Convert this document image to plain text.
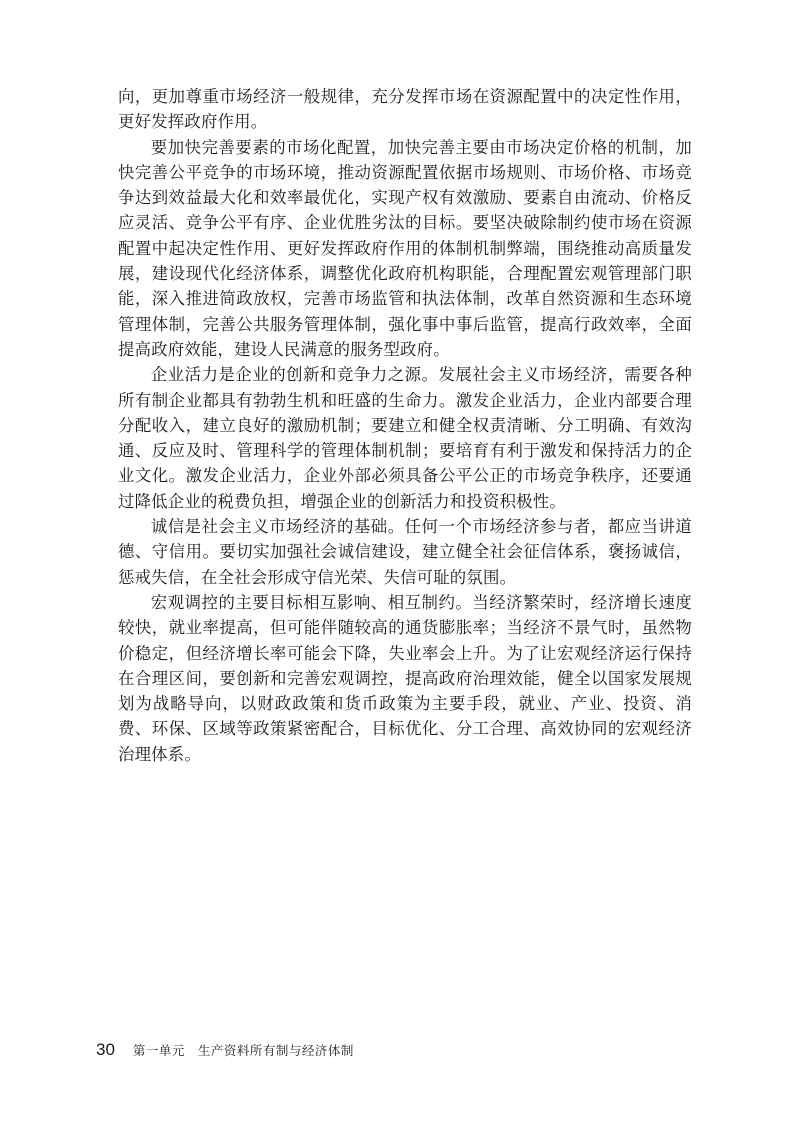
向，更加尊重市场经济一般规律，充分发挥市场在资源配置中的决定性作用，更好发挥政府作用。

要加快完善要素的市场化配置，加快完善主要由市场决定价格的机制，加快完善公平竞争的市场环境，推动资源配置依据市场规则、市场价格、市场竞争达到效益最大化和效率最优化，实现产权有效激励、要素自由流动、价格反应灵活、竞争公平有序、企业优胜劣汰的目标。要坚决破除制约使市场在资源配置中起决定性作用、更好发挥政府作用的体制机制弊端，围绕推动高质量发展，建设现代化经济体系，调整优化政府机构职能，合理配置宏观管理部门职能，深入推进简政放权，完善市场监管和执法体制，改革自然资源和生态环境管理体制，完善公共服务管理体制，强化事中事后监管，提高行政效率，全面提高政府效能，建设人民满意的服务型政府。

企业活力是企业的创新和竞争力之源。发展社会主义市场经济，需要各种所有制企业都具有勃勃生机和旺盛的生命力。激发企业活力，企业内部要合理分配收入，建立良好的激励机制；要建立和健全权责清晰、分工明确、有效沟通、反应及时、管理科学的管理体制机制；要培育有利于激发和保持活力的企业文化。激发企业活力，企业外部必须具备公平公正的市场竞争秩序，还要通过降低企业的税费负担，增强企业的创新活力和投资积极性。

诚信是社会主义市场经济的基础。任何一个市场经济参与者，都应当讲道德、守信用。要切实加强社会诚信建设，建立健全社会征信体系，褒扬诚信，惩戒失信，在全社会形成守信光荣、失信可耻的氛围。

宏观调控的主要目标相互影响、相互制约。当经济繁荣时，经济增长速度较快，就业率提高，但可能伴随较高的通货膨胀率；当经济不景气时，虽然物价稳定，但经济增长率可能会下降，失业率会上升。为了让宏观经济运行保持在合理区间，要创新和完善宏观调控，提高政府治理效能，健全以国家发展规划为战略导向，以财政政策和货币政策为主要手段，就业、产业、投资、消费、环保、区域等政策紧密配合，目标优化、分工合理、高效协同的宏观经济治理体系。

30 第一单元　生产资料所有制与经济体制
